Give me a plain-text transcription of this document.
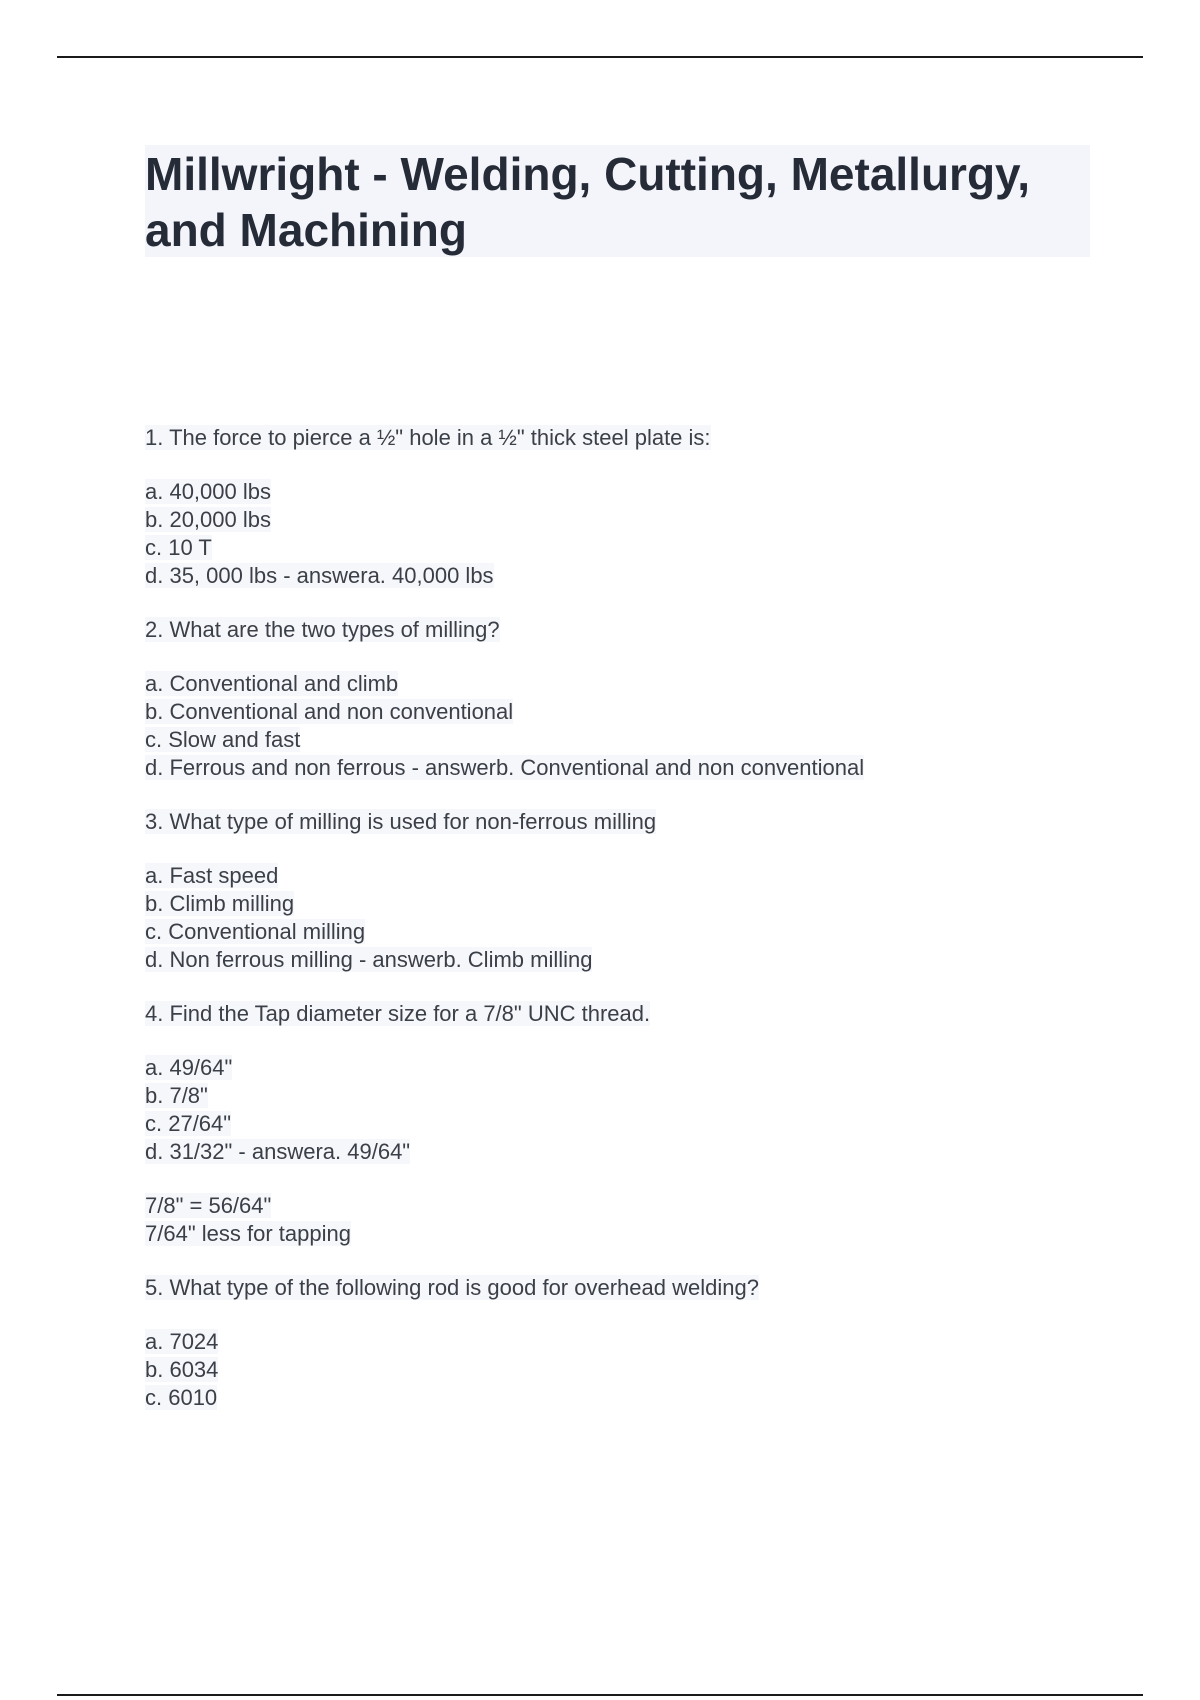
Millwright - Welding, Cutting, Metallurgy, and Machining
1. The force to pierce a ½" hole in a ½" thick steel plate is:
a. 40,000 lbs
b. 20,000 lbs
c. 10 T
d. 35, 000 lbs - answera. 40,000 lbs
2. What are the two types of milling?
a. Conventional and climb
b. Conventional and non conventional
c. Slow and fast
d. Ferrous and non ferrous - answerb. Conventional and non conventional
3. What type of milling is used for non-ferrous milling
a. Fast speed
b. Climb milling
c. Conventional milling
d. Non ferrous milling - answerb. Climb milling
4. Find the Tap diameter size for a 7/8" UNC thread.
a. 49/64"
b. 7/8"
c. 27/64"
d. 31/32" - answera. 49/64"
7/8" = 56/64"
7/64" less for tapping
5. What type of the following rod is good for overhead welding?
a. 7024
b. 6034
c. 6010
